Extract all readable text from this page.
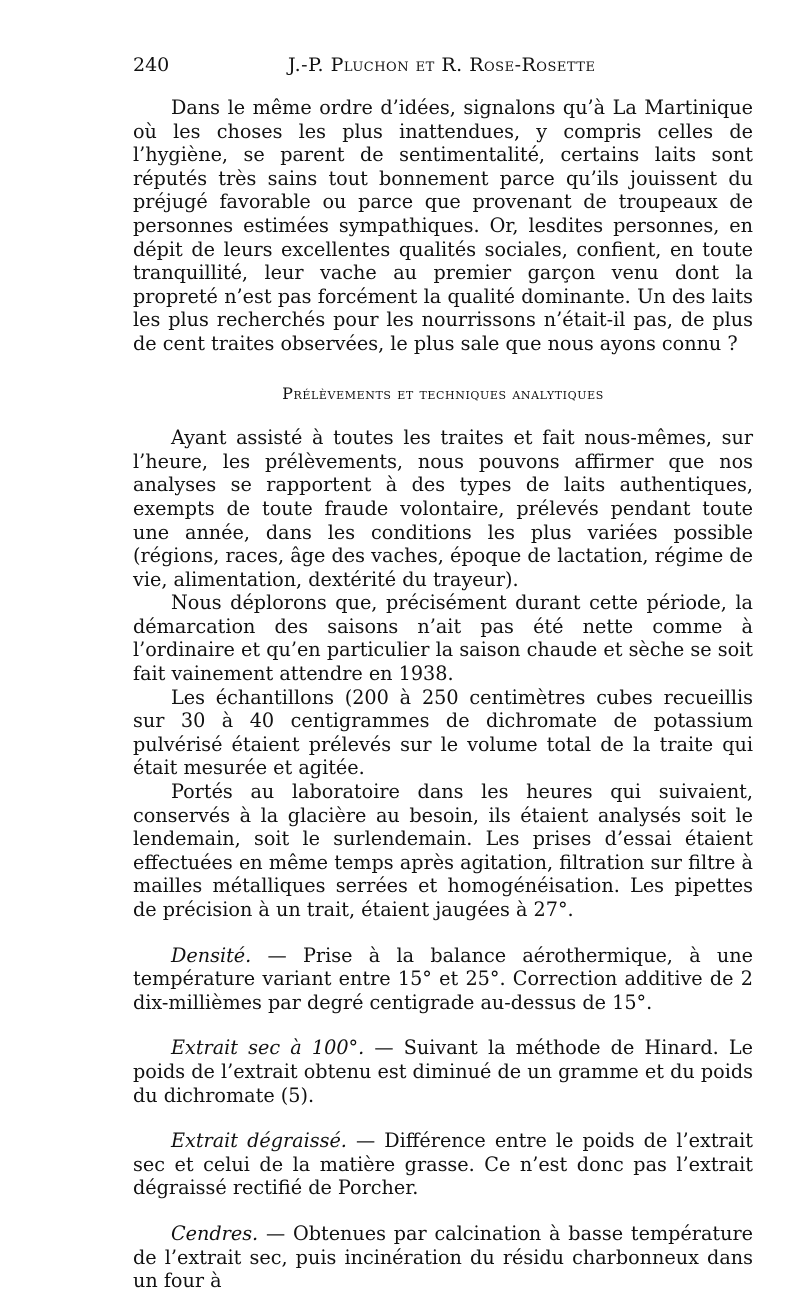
240	J.-P. Pluchon et R. Rose-Rosette

Dans le même ordre d’idées, signalons qu’à La Martinique où les choses les plus inattendues, y compris celles de l’hygiène, se parent de sentimentalité, certains laits sont réputés très sains tout bonnement parce qu’ils jouissent du préjugé favorable ou parce que provenant de troupeaux de personnes estimées sympathiques. Or, lesdites personnes, en dépit de leurs excellentes qualités sociales, confient, en toute tranquillité, leur vache au premier garçon venu dont la propreté n’est pas forcément la qualité dominante. Un des laits les plus recherchés pour les nourrissons n’était-il pas, de plus de cent traites observées, le plus sale que nous ayons connu ?

Prélèvements et techniques analytiques

Ayant assisté à toutes les traites et fait nous-mêmes, sur l’heure, les prélèvements, nous pouvons affirmer que nos analyses se rapportent à des types de laits authentiques, exempts de toute fraude volontaire, prélevés pendant toute une année, dans les conditions les plus variées possible (régions, races, âge des vaches, époque de lactation, régime de vie, alimentation, dextérité du trayeur).

Nous déplorons que, précisément durant cette période, la démarcation des saisons n’ait pas été nette comme à l’ordinaire et qu’en particulier la saison chaude et sèche se soit fait vainement attendre en 1938.

Les échantillons (200 à 250 centimètres cubes recueillis sur 30 à 40 centigrammes de dichromate de potassium pulvérisé étaient prélevés sur le volume total de la traite qui était mesurée et agitée.

Portés au laboratoire dans les heures qui suivaient, conservés à la glacière au besoin, ils étaient analysés soit le lendemain, soit le surlendemain. Les prises d’essai étaient effectuées en même temps après agitation, filtration sur filtre à mailles métalliques serrées et homogénéisation. Les pipettes de précision à un trait, étaient jaugées à 27°.

Densité. — Prise à la balance aérothermique, à une température variant entre 15° et 25°. Correction additive de 2 dix-millièmes par degré centigrade au-dessus de 15°.

Extrait sec à 100°. — Suivant la méthode de Hinard. Le poids de l’extrait obtenu est diminué de un gramme et du poids du dichromate (5).

Extrait dégraissé. — Différence entre le poids de l’extrait sec et celui de la matière grasse. Ce n’est donc pas l’extrait dégraissé rectifié de Porcher.

Cendres. — Obtenues par calcination à basse température de l’extrait sec, puis incinération du résidu charbonneux dans un four à
